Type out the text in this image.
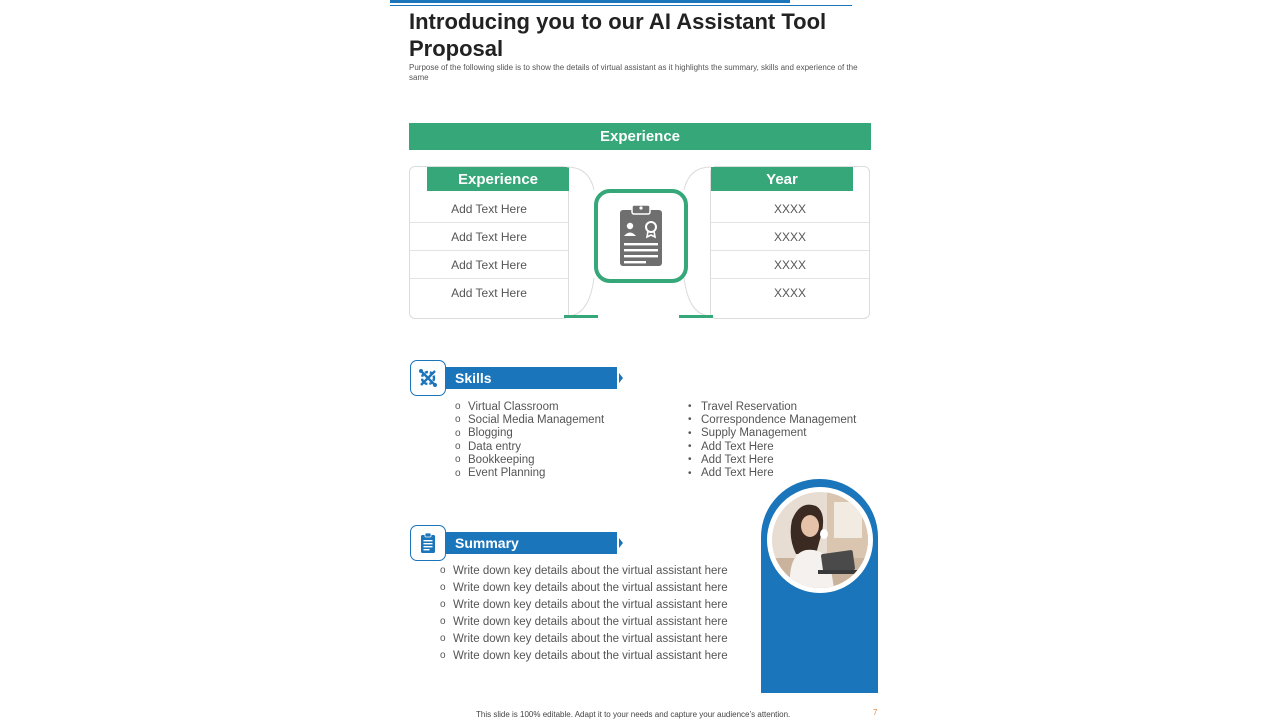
Introducing you to our AI Assistant Tool Proposal
Purpose of the following slide is to show the details of virtual assistant as it highlights the summary, skills and experience of the same
Experience
Experience
Add Text Here
Add Text Here
Add Text Here
Add Text Here
Year
XXXX
XXXX
XXXX
XXXX
Skills
o Virtual Classroom
o Social Media Management
o Blogging
o Data entry
o Bookkeeping
o Event Planning
• Travel Reservation
• Correspondence Management
• Supply Management
• Add Text Here
• Add Text Here
• Add Text Here
Summary
o Write down key details about the virtual assistant here
o Write down key details about the virtual assistant here
o Write down key details about the virtual assistant here
o Write down key details about the virtual assistant here
o Write down key details about the virtual assistant here
o Write down key details about the virtual assistant here
This slide is 100% editable. Adapt it to your needs and capture your audience’s attention.	7
